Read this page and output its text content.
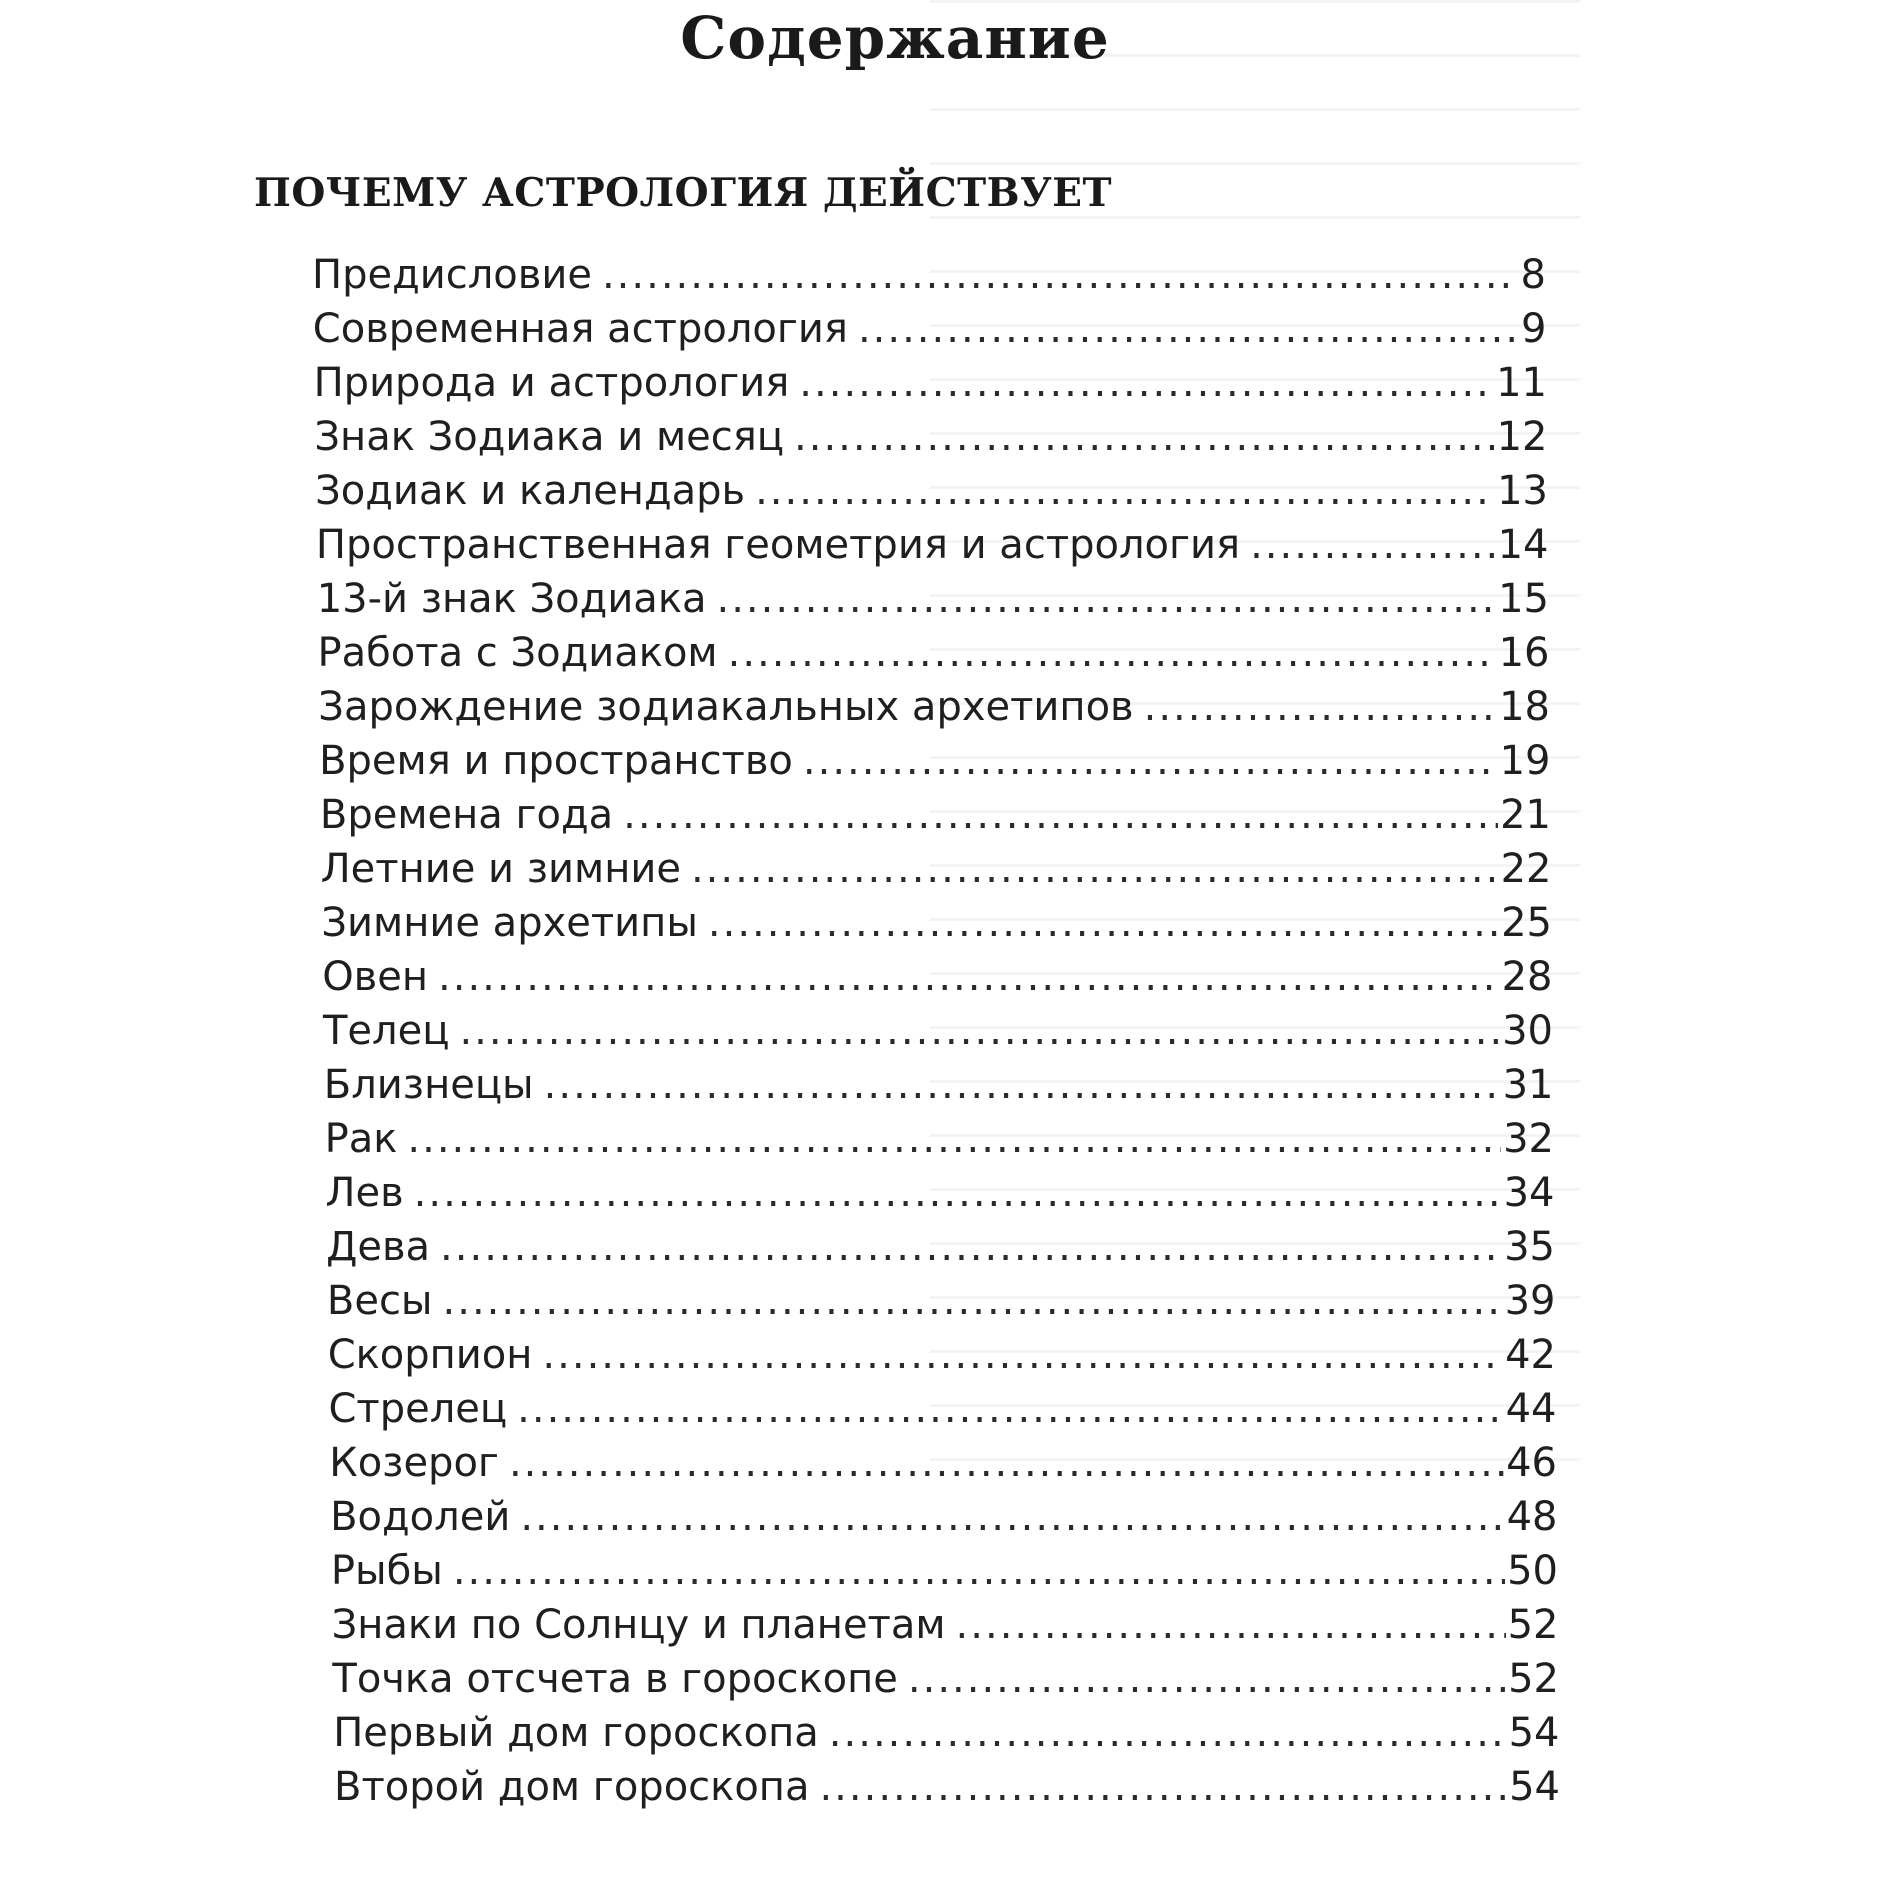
Содержание
ПОЧЕМУ АСТРОЛОГИЯ ДЕЙСТВУЕТ
Предисловие .....	8
Современная астрология .....	9
Природа и астрология .....	11
Знак Зодиака и месяц .....	12
Зодиак и календарь .....	13
Пространственная геометрия и астрология .....	14
13-й знак Зодиака .....	15
Работа с Зодиаком .....	16
Зарождение зодиакальных архетипов .....	18
Время и пространство .....	19
Времена года .....	21
Летние и зимние .....	22
Зимние архетипы .....	25
Овен .....	28
Телец .....	30
Близнецы .....	31
Рак .....	32
Лев .....	34
Дева .....	35
Весы .....	39
Скорпион .....	42
Стрелец .....	44
Козерог .....	46
Водолей .....	48
Рыбы .....	50
Знаки по Солнцу и планетам .....	52
Точка отсчета в гороскопе .....	52
Первый дом гороскопа .....	54
Второй дом гороскопа .....	54
